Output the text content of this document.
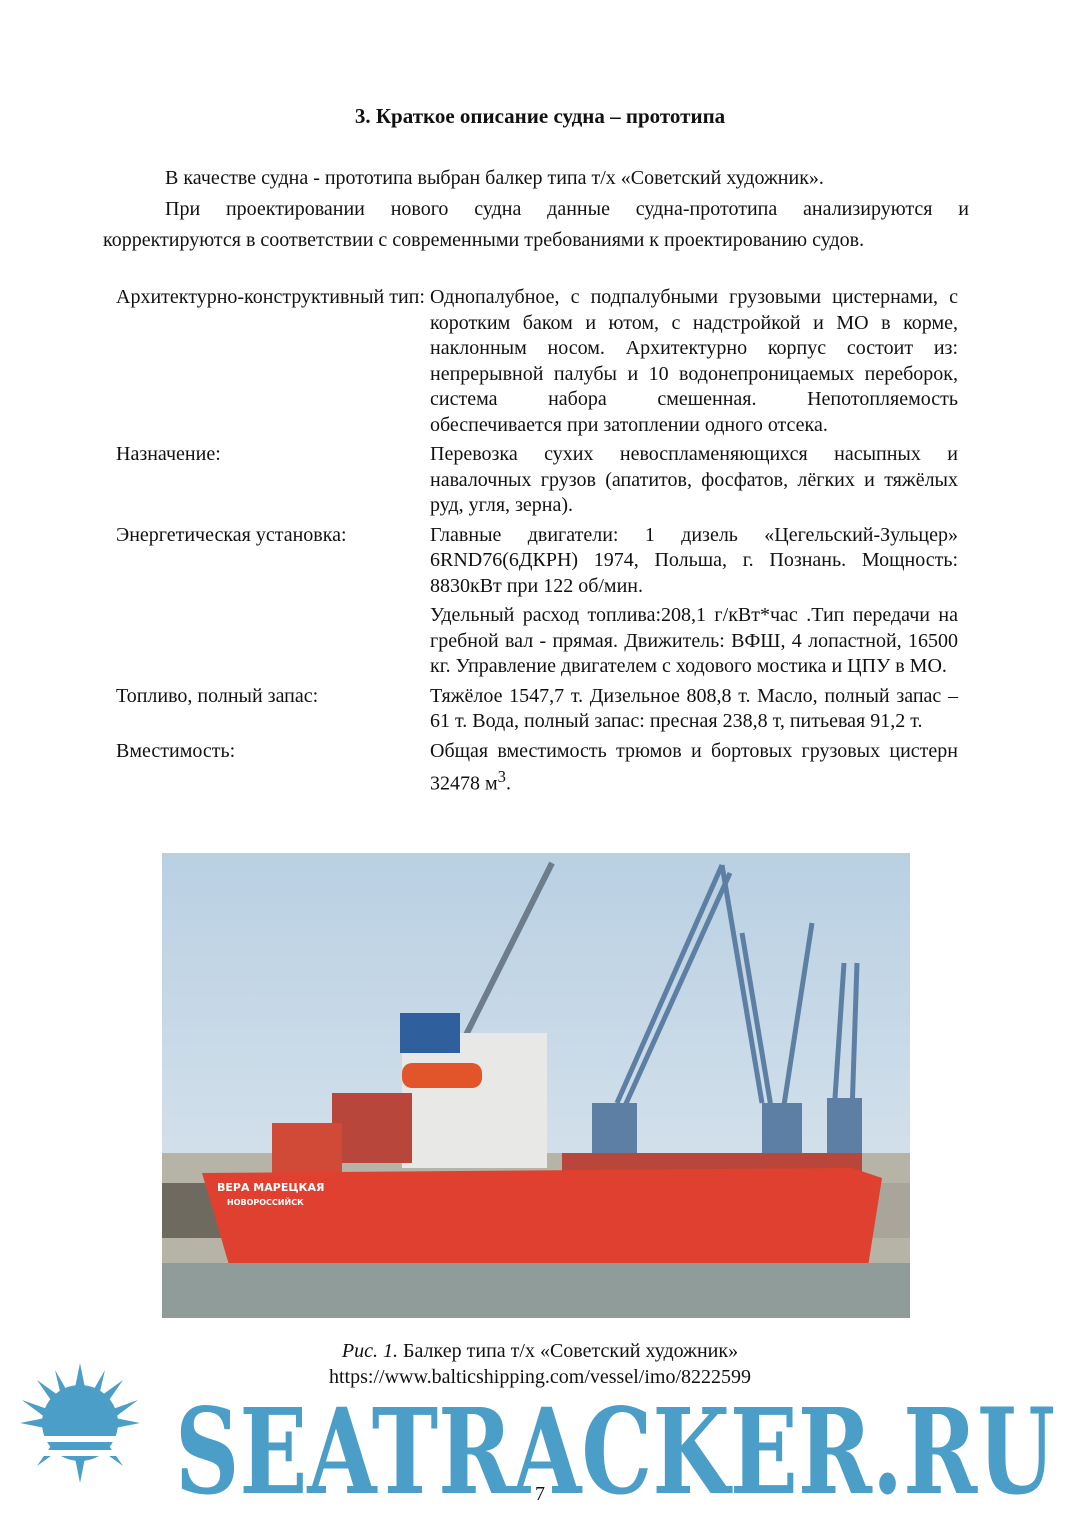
3. Краткое описание судна – прототипа
В качестве судна - прототипа выбран балкер типа т/х «Советский художник».
При проектировании нового судна данные судна-прототипа анализируются и
корректируются в соответствии с современными требованиями к проектированию судов.
Архитектурно-конструктивный тип: Однопалубное, с подпалубными грузовыми цистернами, с коротким баком и ютом, с надстройкой и МО в корме, наклонным носом. Архитектурно корпус состоит из: непрерывной палубы и 10 водонепроницаемых переборок, система набора смешенная. Непотопляемость обеспечивается при затоплении одного отсека.

Назначение:	Перевозка сухих невоспламеняющихся насыпных и навалочных грузов (апатитов, фосфатов, лёгких и тяжёлых руд, угля, зерна).

Энергетическая установка:	Главные двигатели: 1 дизель «Цегельский-Зульцер» 6RND76(6ДКРН) 1974, Польша, г. Познань. Мощность: 8830кВт при 122 об/мин.

Удельный расход топлива:208,1 г/кВт*час .Тип передачи на гребной вал - прямая. Движитель: ВФШ, 4 лопастной, 16500 кг. Управление двигателем с ходового мостика и ЦПУ в МО.

Топливо, полный запас:	Тяжёлое 1547,7 т. Дизельное 808,8 т. Масло, полный запас – 61 т. Вода, полный запас: пресная 238,8 т, питьевая 91,2 т.

Вместимость:	Общая вместимость трюмов и бортовых грузовых цистерн 32478 $м^3$.

ВЕРА МАРЕЦКАЯ
НОВОРОССИЙСК
Рис. 1. Балкер типа т/х «Советский художник»
https://www.balticshipping.com/vessel/imo/8222599
SEATRACKER.RU
7
